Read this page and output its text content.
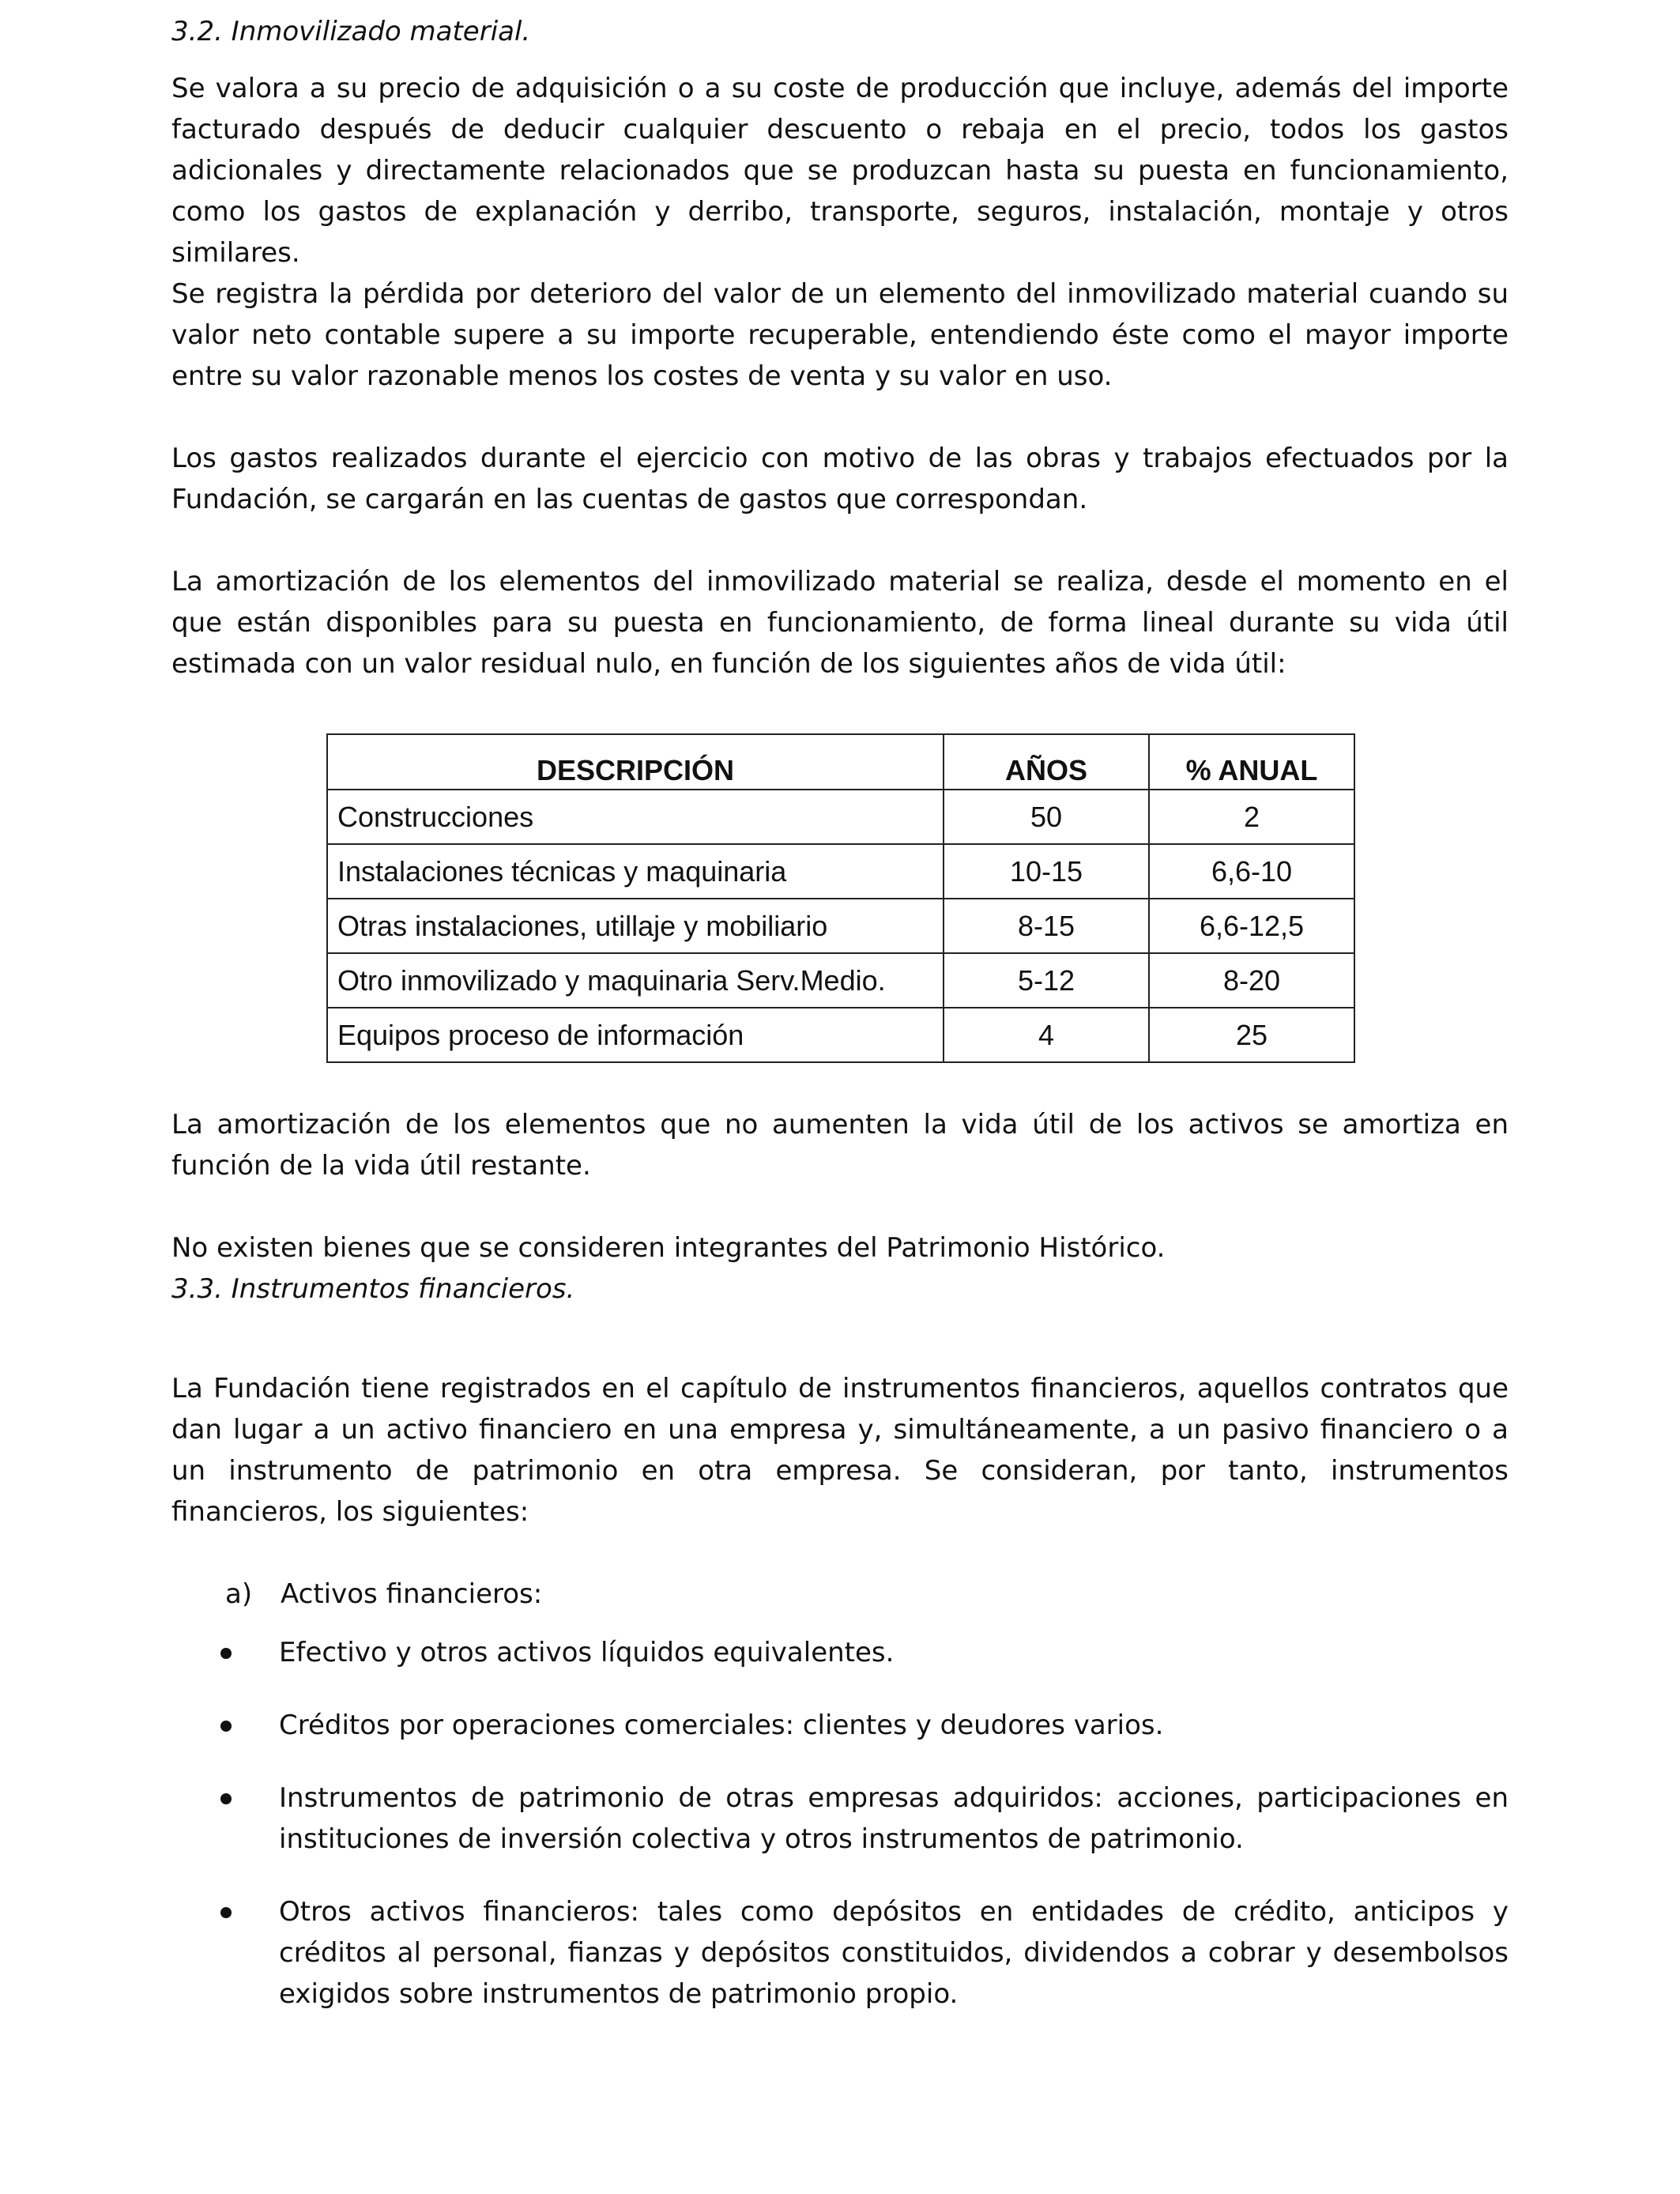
3.2. Inmovilizado material.

Se valora a su precio de adquisición o a su coste de producción que incluye, además del importe facturado después de deducir cualquier descuento o rebaja en el precio, todos los gastos adicionales y directamente relacionados que se produzcan hasta su puesta en funcionamiento, como los gastos de explanación y derribo, transporte, seguros, instalación, montaje y otros similares.

Se registra la pérdida por deterioro del valor de un elemento del inmovilizado material cuando su valor neto contable supere a su importe recuperable, entendiendo éste como el mayor importe entre su valor razonable menos los costes de venta y su valor en uso.

Los gastos realizados durante el ejercicio con motivo de las obras y trabajos efectuados por la Fundación, se cargarán en las cuentas de gastos que correspondan.

La amortización de los elementos del inmovilizado material se realiza, desde el momento en el que están disponibles para su puesta en funcionamiento, de forma lineal durante su vida útil estimada con un valor residual nulo, en función de los siguientes años de vida útil:

DESCRIPCIÓN	AÑOS	% ANUAL
Construcciones	50	2
Instalaciones técnicas y maquinaria	10-15	6,6-10
Otras instalaciones, utillaje y mobiliario	8-15	6,6-12,5
Otro inmovilizado y maquinaria Serv.Medio.	5-12	8-20
Equipos proceso de información	4	25

La amortización de los elementos que no aumenten la vida útil de los activos se amortiza en función de la vida útil restante.

No existen bienes que se consideren integrantes del Patrimonio Histórico.

3.3. Instrumentos financieros.

La Fundación tiene registrados en el capítulo de instrumentos financieros, aquellos contratos que dan lugar a un activo financiero en una empresa y, simultáneamente, a un pasivo financiero o a un instrumento de patrimonio en otra empresa. Se consideran, por tanto, instrumentos financieros, los siguientes:

a) Activos financieros:

Efectivo y otros activos líquidos equivalentes.
Créditos por operaciones comerciales: clientes y deudores varios.
Instrumentos de patrimonio de otras empresas adquiridos: acciones, participaciones en instituciones de inversión colectiva y otros instrumentos de patrimonio.
Otros activos financieros: tales como depósitos en entidades de crédito, anticipos y créditos al personal, fianzas y depósitos constituidos, dividendos a cobrar y desembolsos exigidos sobre instrumentos de patrimonio propio.
